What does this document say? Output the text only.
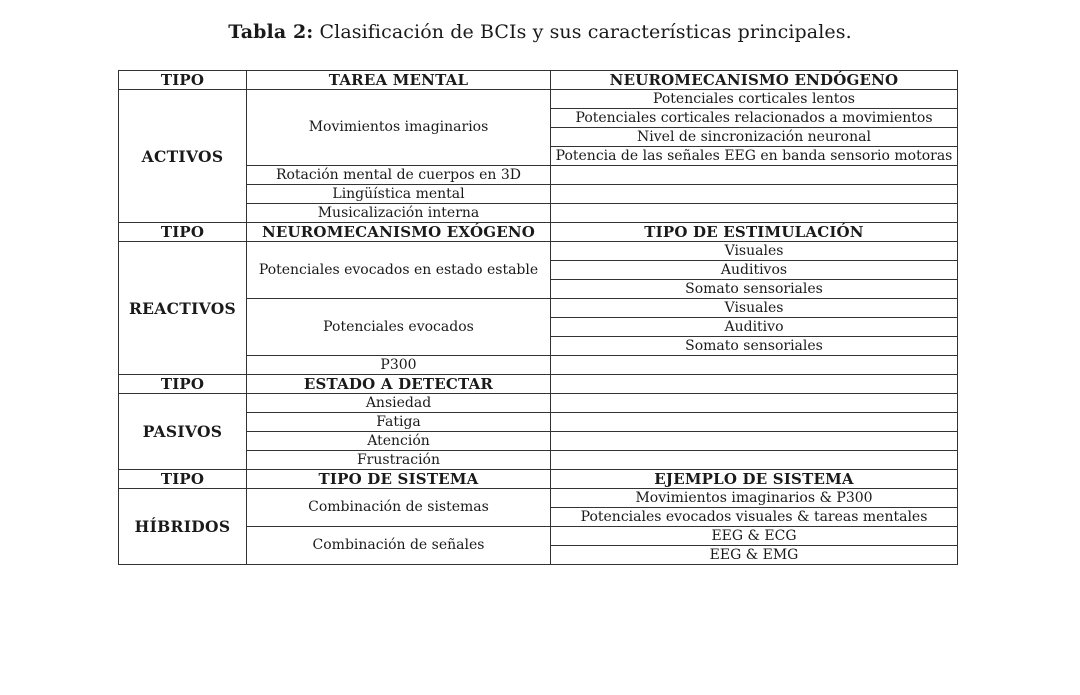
Tabla 2: Clasificación de BCIs y sus características principales.
TIPO	TAREA MENTAL	NEUROMECANISMO ENDÓGENO
ACTIVOS	Movimientos imaginarios	Potenciales corticales lentos
		Potenciales corticales relacionados a movimientos
		Nivel de sincronización neuronal
		Potencia de las señales EEG en banda sensorio motoras
	Rotación mental de cuerpos en 3D	
	Lingüística mental	
	Musicalización interna	
TIPO	NEUROMECANISMO EXÓGENO	TIPO DE ESTIMULACIÓN
REACTIVOS	Potenciales evocados en estado estable	Visuales
		Auditivos
		Somato sensoriales
	Potenciales evocados	Visuales
		Auditivo
		Somato sensoriales
	P300	
TIPO	ESTADO A DETECTAR	
PASIVOS	Ansiedad	
	Fatiga	
	Atención	
	Frustración	
TIPO	TIPO DE SISTEMA	EJEMPLO DE SISTEMA
HÍBRIDOS	Combinación de sistemas	Movimientos imaginarios & P300
		Potenciales evocados visuales & tareas mentales
	Combinación de señales	EEG & ECG
		EEG & EMG
